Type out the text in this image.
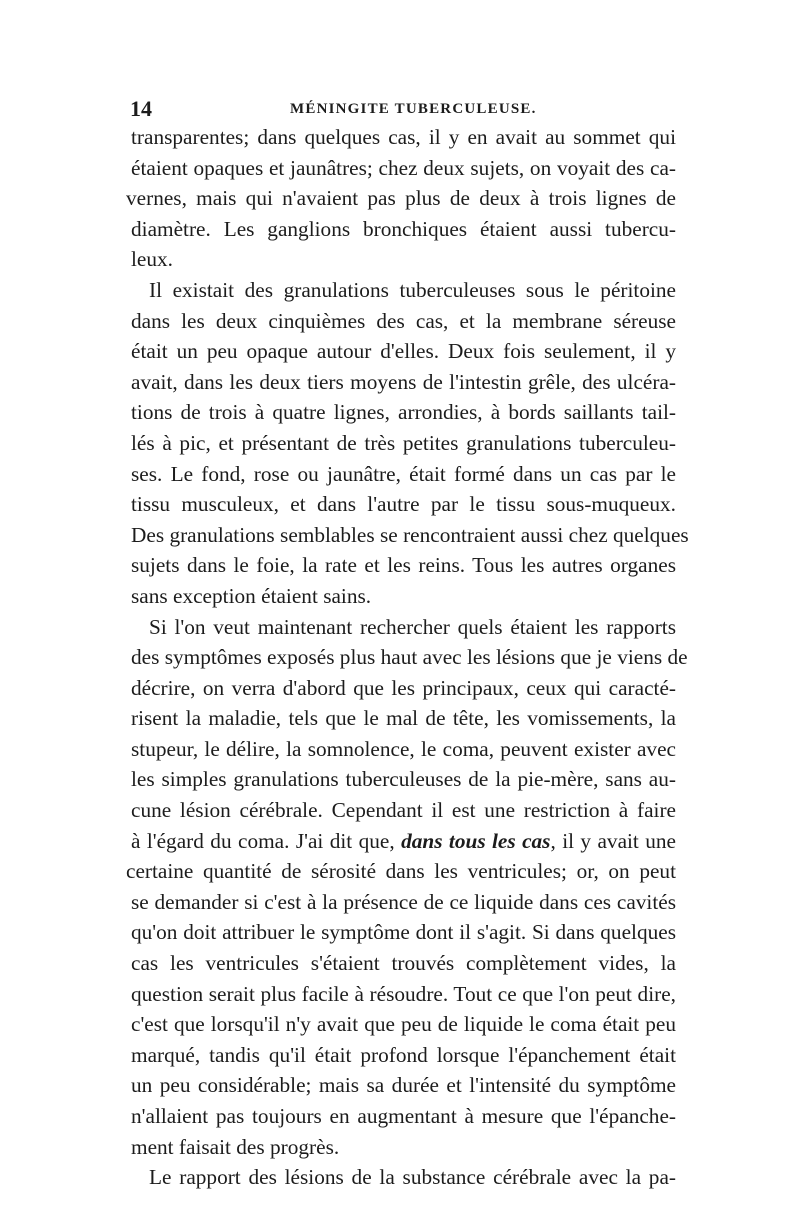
14	MÉNINGITE TUBERCULEUSE.
transparentes; dans quelques cas, il y en avait au sommet qui
étaient opaques et jaunâtres; chez deux sujets, on voyait des ca-
vernes, mais qui n'avaient pas plus de deux à trois lignes de
diamètre. Les ganglions bronchiques étaient aussi tubercu-
leux.
Il existait des granulations tuberculeuses sous le péritoine
dans les deux cinquièmes des cas, et la membrane séreuse
était un peu opaque autour d'elles. Deux fois seulement, il y
avait, dans les deux tiers moyens de l'intestin grêle, des ulcéra-
tions de trois à quatre lignes, arrondies, à bords saillants tail-
lés à pic, et présentant de très petites granulations tuberculeu-
ses. Le fond, rose ou jaunâtre, était formé dans un cas par le
tissu musculeux, et dans l'autre par le tissu sous-muqueux.
Des granulations semblables se rencontraient aussi chez quelques
sujets dans le foie, la rate et les reins. Tous les autres organes
sans exception étaient sains.
Si l'on veut maintenant rechercher quels étaient les rapports
des symptômes exposés plus haut avec les lésions que je viens de
décrire, on verra d'abord que les principaux, ceux qui caracté-
risent la maladie, tels que le mal de tête, les vomissements, la
stupeur, le délire, la somnolence, le coma, peuvent exister avec
les simples granulations tuberculeuses de la pie-mère, sans au-
cune lésion cérébrale. Cependant il est une restriction à faire
à l'égard du coma. J'ai dit que, dans tous les cas, il y avait une
certaine quantité de sérosité dans les ventricules; or, on peut
se demander si c'est à la présence de ce liquide dans ces cavités
qu'on doit attribuer le symptôme dont il s'agit. Si dans quelques
cas les ventricules s'étaient trouvés complètement vides, la
question serait plus facile à résoudre. Tout ce que l'on peut dire,
c'est que lorsqu'il n'y avait que peu de liquide le coma était peu
marqué, tandis qu'il était profond lorsque l'épanchement était
un peu considérable; mais sa durée et l'intensité du symptôme
n'allaient pas toujours en augmentant à mesure que l'épanche-
ment faisait des progrès.
Le rapport des lésions de la substance cérébrale avec la pa-
